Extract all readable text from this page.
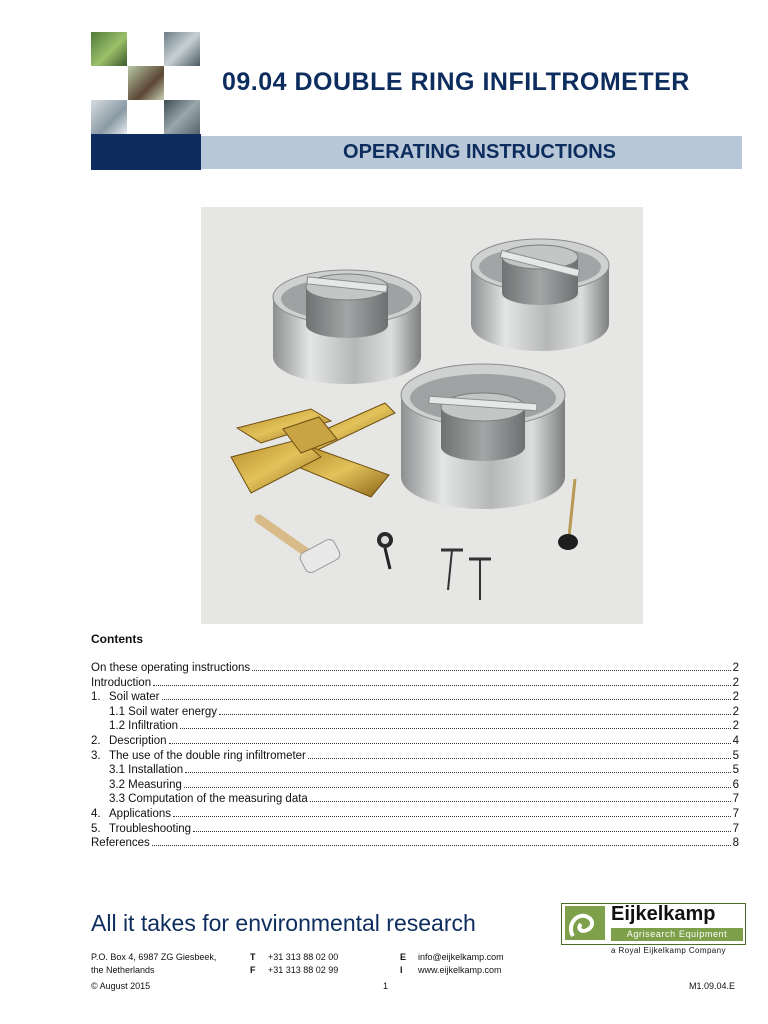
09.04 DOUBLE RING INFILTROMETER
OPERATING INSTRUCTIONS
Contents
On these operating instructions	2
Introduction	2
1. Soil water	2
1.1 Soil water energy	2
1.2 Infiltration	2
2. Description	4
3. The use of the double ring infiltrometer	5
3.1 Installation	5
3.2 Measuring	6
3.3 Computation of the measuring data	7
4. Applications	7
5. Troubleshooting	7
References	8
All it takes for environmental research	Eijkelkamp
Agrisearch Equipment
a Royal Eijkelkamp Company
P.O. Box 4, 6987 ZG Giesbeek,
the Netherlands
T +31 313 88 02 00
F +31 313 88 02 99
E info@eijkelkamp.com
I www.eijkelkamp.com
© August 2015	1	M1.09.04.E
